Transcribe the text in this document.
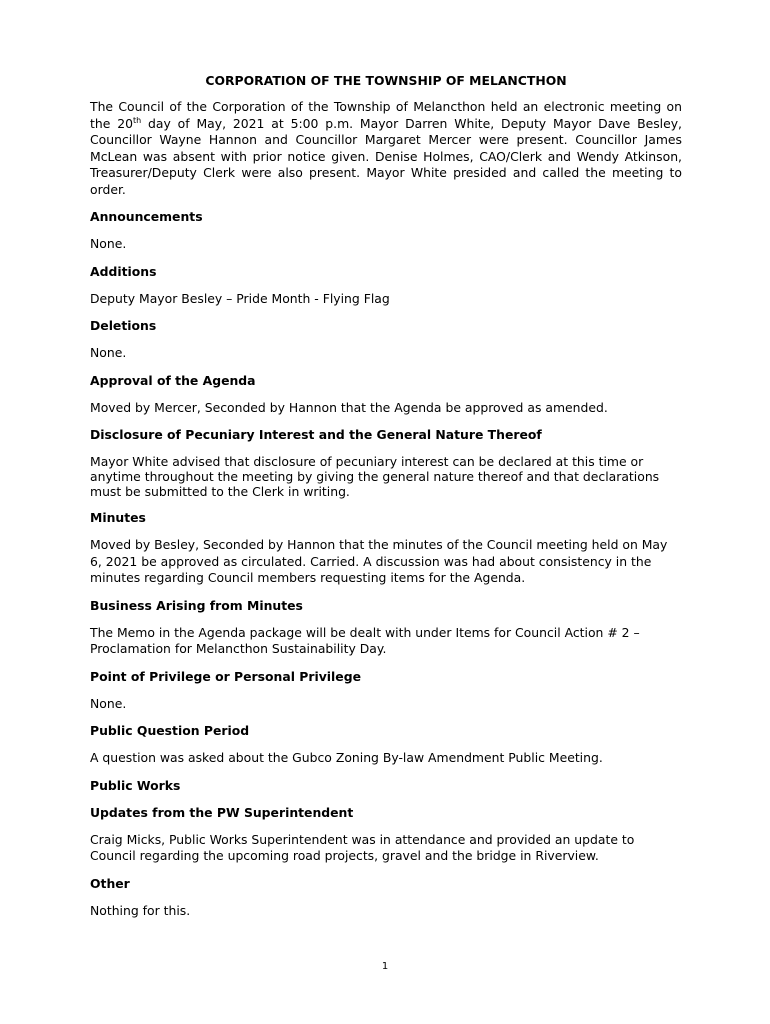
CORPORATION OF THE TOWNSHIP OF MELANCTHON

The Council of the Corporation of the Township of Melancthon held an electronic meeting on the 20th day of May, 2021 at 5:00 p.m. Mayor Darren White, Deputy Mayor Dave Besley, Councillor Wayne Hannon and Councillor Margaret Mercer were present. Councillor James McLean was absent with prior notice given. Denise Holmes, CAO/Clerk and Wendy Atkinson, Treasurer/Deputy Clerk were also present. Mayor White presided and called the meeting to order.

Announcements

None.

Additions

Deputy Mayor Besley – Pride Month - Flying Flag

Deletions

None.

Approval of the Agenda

Moved by Mercer, Seconded by Hannon that the Agenda be approved as amended.

Disclosure of Pecuniary Interest and the General Nature Thereof

Mayor White advised that disclosure of pecuniary interest can be declared at this time or anytime throughout the meeting by giving the general nature thereof and that declarations must be submitted to the Clerk in writing.

Minutes

Moved by Besley, Seconded by Hannon that the minutes of the Council meeting held on May 6, 2021 be approved as circulated. Carried. A discussion was had about consistency in the minutes regarding Council members requesting items for the Agenda.

Business Arising from Minutes

The Memo in the Agenda package will be dealt with under Items for Council Action # 2 – Proclamation for Melancthon Sustainability Day.

Point of Privilege or Personal Privilege

None.

Public Question Period

A question was asked about the Gubco Zoning By-law Amendment Public Meeting.

Public Works
Updates from the PW Superintendent

Craig Micks, Public Works Superintendent was in attendance and provided an update to Council regarding the upcoming road projects, gravel and the bridge in Riverview.

Other

Nothing for this.

1
